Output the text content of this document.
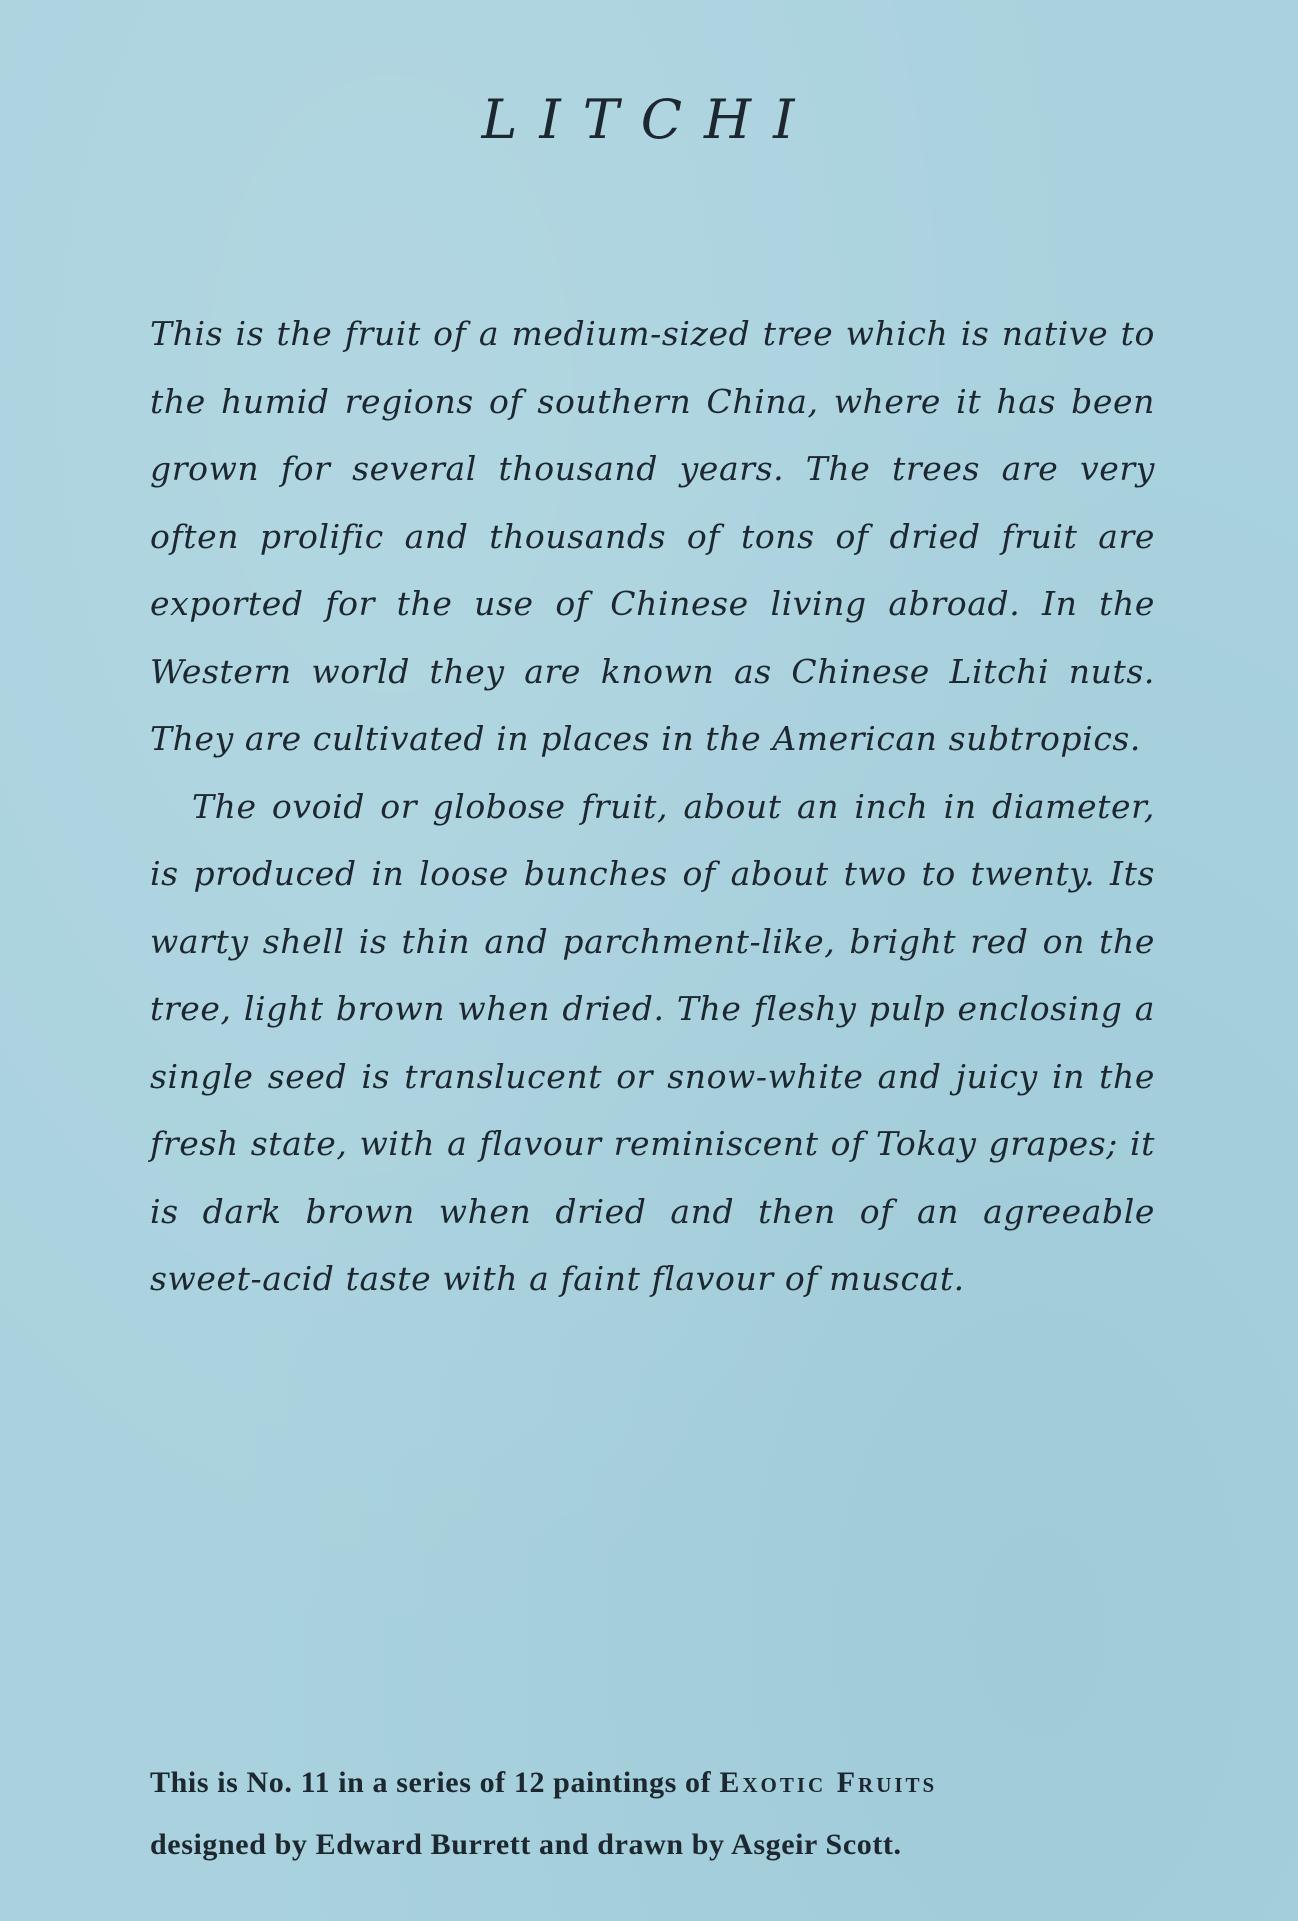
LITCHI

This is the fruit of a medium-sized tree which is native to the humid regions of southern China, where it has been grown for several thousand years. The trees are very often prolific and thousands of tons of dried fruit are exported for the use of Chinese living abroad. In the Western world they are known as Chinese Litchi nuts. They are cultivated in places in the American subtropics.

The ovoid or globose fruit, about an inch in diameter, is produced in loose bunches of about two to twenty. Its warty shell is thin and parchment-like, bright red on the tree, light brown when dried. The fleshy pulp enclosing a single seed is translucent or snow-white and juicy in the fresh state, with a flavour reminiscent of Tokay grapes; it is dark brown when dried and then of an agreeable sweet-acid taste with a faint flavour of muscat.

This is No. 11 in a series of 12 paintings of Exotic Fruits
designed by Edward Burrett and drawn by Asgeir Scott.
